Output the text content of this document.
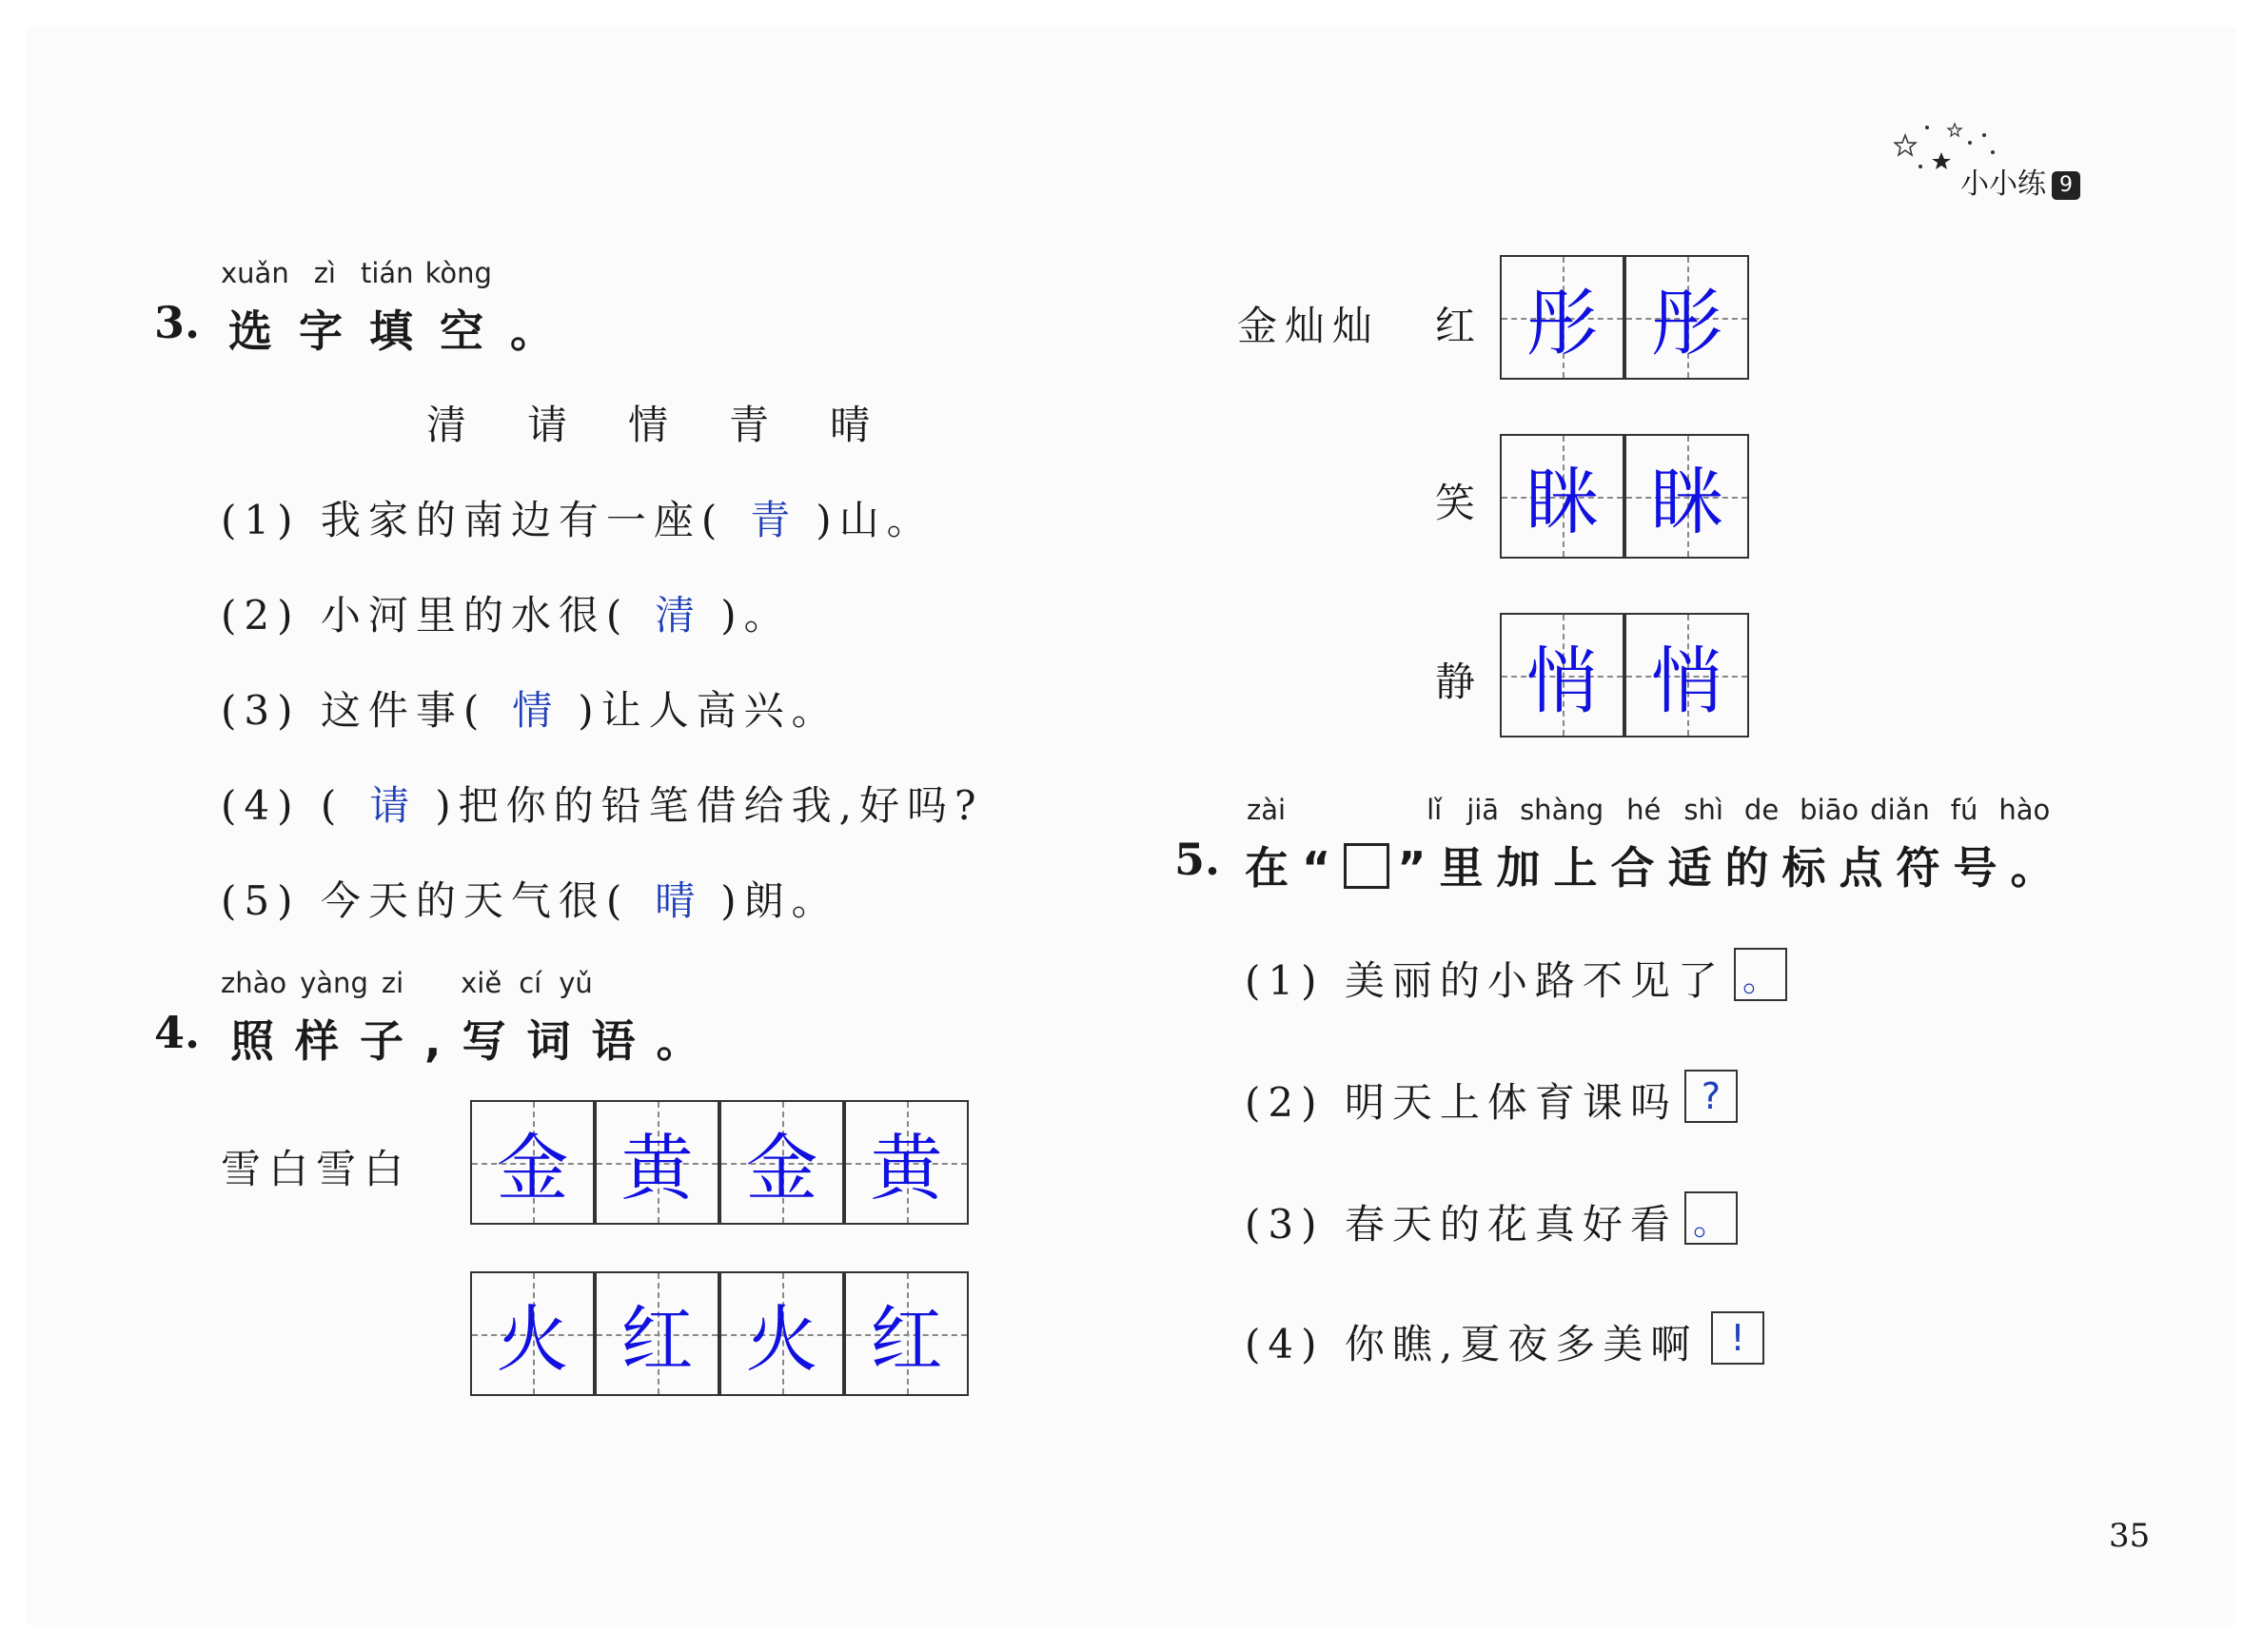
小小练 9
xuǎn zì tián kòng
3. 选字填空。
清 请 情 青 晴
(1) 我家的南边有一座( 青 )山。
(2) 小河里的水很( 清 )。
(3) 这件事( 情 )让人高兴。
(4) ( 请 )把你的铅笔借给我,好吗?
(5) 今天的天气很( 晴 )朗。
zhào yàng zi xiě cí yǔ
4. 照样子,写词语。
雪白雪白	金 黄 金 黄
火 红 火 红
金灿灿 红 彤 彤
笑 眯 眯
静 悄 悄
zài	lǐ jiā shàng hé shì de biāo diǎn fú hào
5. 在“ ”里加上合适的标点符号。
(1) 美丽的小路不见了 。
(2) 明天上体育课吗 ?
(3) 春天的花真好看 。
(4) 你瞧,夏夜多美啊 !
35
